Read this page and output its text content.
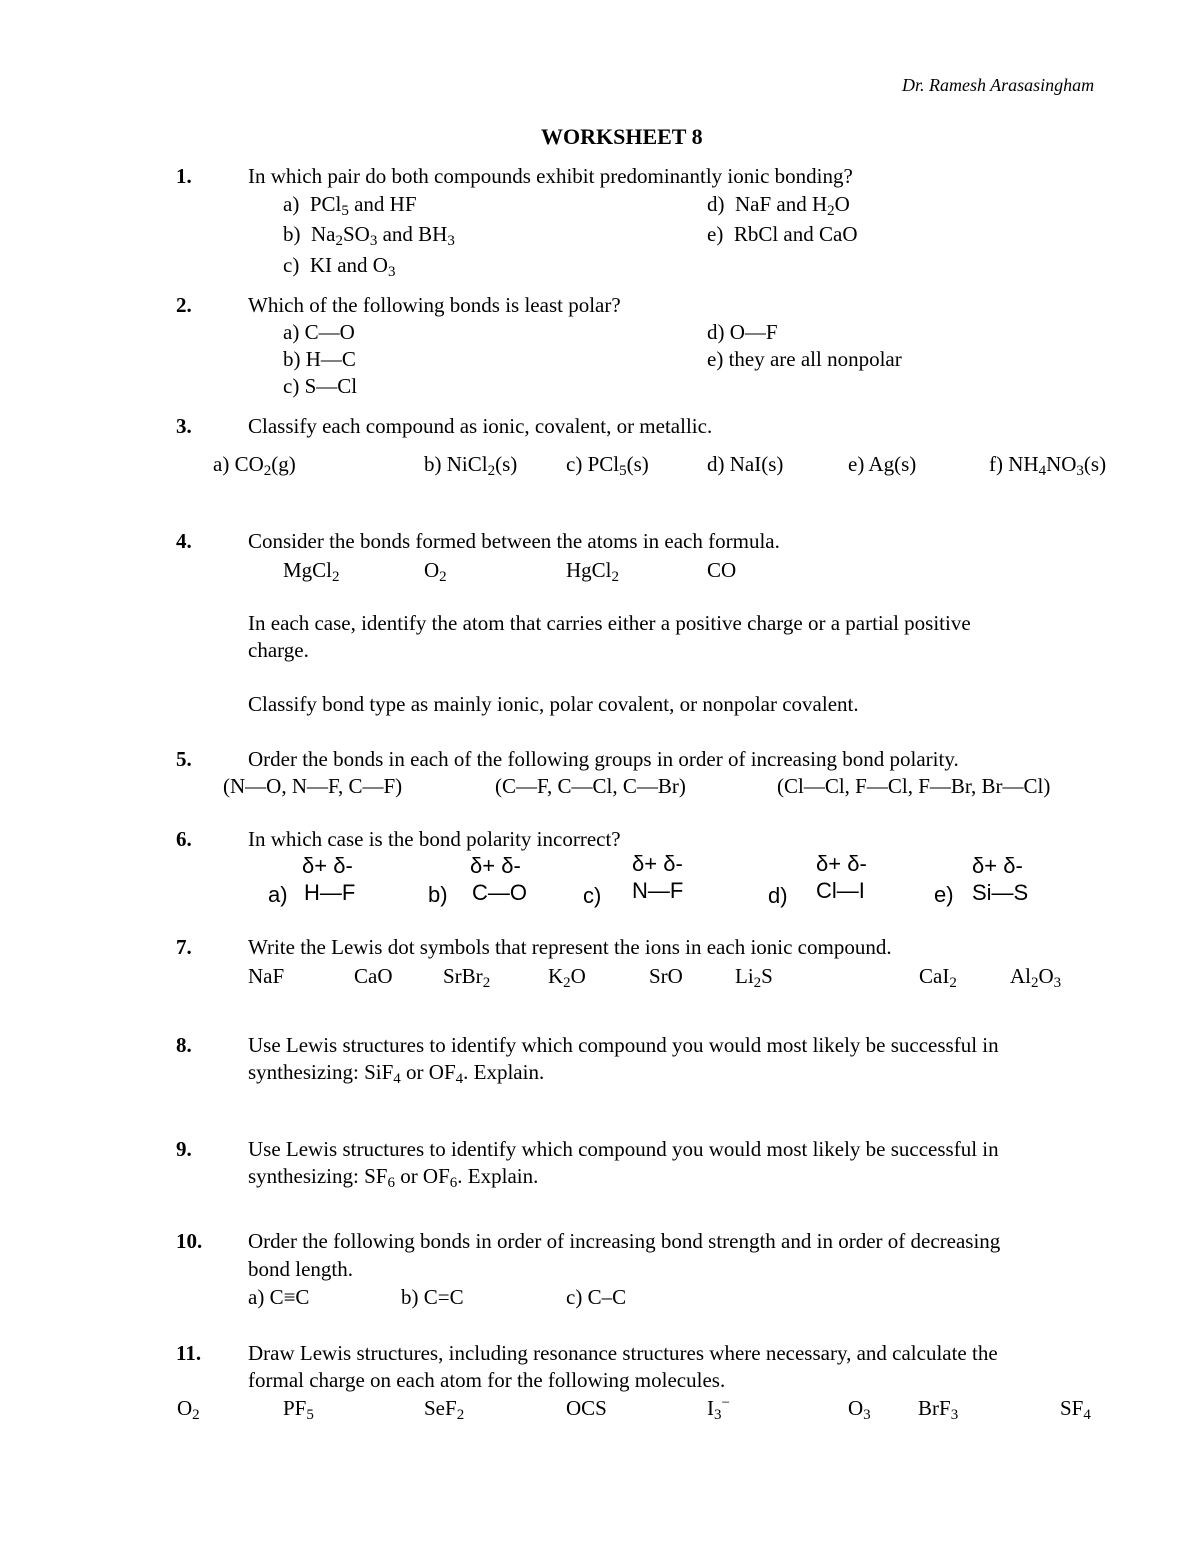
Dr. Ramesh Arasasingham
WORKSHEET 8
1.	In which pair do both compounds exhibit predominantly ionic bonding?
a) PCl$_5$ and HF
b) $Na_2SO_3$ and $BH_3$
c) KI and $O_3$
d) NaF and $H_2O$
e) RbCl and CaO
2.	Which of the following bonds is least polar?
a) C—O
b) H—C
c) S—Cl
d) O—F
e) they are all nonpolar
3.	Classify each compound as ionic, covalent, or metallic.
a) $CO_2(g)$	b) NiCl$_2$(s) c) PCl$_5$(s)	d) NaI(s)	e) Ag(s)	f) $NH_4NO_3(s)$
4.	Consider the bonds formed between the atoms in each formula.
MgCl$_2$	$O_2$	HgCl$_2$	CO
In each case, identify the atom that carries either a positive charge or a partial positive
charge.
Classify bond type as mainly ionic, polar covalent, or nonpolar covalent.
5.	Order the bonds in each of the following groups in order of increasing bond polarity.
(N—O, N—F, C—F)	(C—F, C—Cl, C—Br)	(Cl—Cl, F—Cl, F—Br, Br—Cl)
6.	In which case is the bond polarity incorrect?
δ+ δ-
a) H—F
δ+ δ-
b) C—O
δ+ δ-
c) N—F
δ+ δ-
d) Cl—I
δ+ δ-
e) Si—S
7.	Write the Lewis dot symbols that represent the ions in each ionic compound.
NaF	CaO SrBr$_2$	$K_2O$	SrO $Li_2S$	CaI$_2$	$Al_2O_3$
8.	Use Lewis structures to identify which compound you would most likely be successful in
synthesizing: SiF$_4$ or $OF_4$. Explain.
9.	Use Lewis structures to identify which compound you would most likely be successful in
synthesizing: $SF_6$ or $OF_6$. Explain.
10. Order the following bonds in order of increasing bond strength and in order of decreasing
bond length.
a) C≡C	b) C=C	c) C–C
11. Draw Lewis structures, including resonance structures where necessary, and calculate the
formal charge on each atom for the following molecules.
$O_2$	$PF_5$	SeF$_2$	OCS	$I_3^-$	$O_3$ BrF$_3$	$SF_4$
